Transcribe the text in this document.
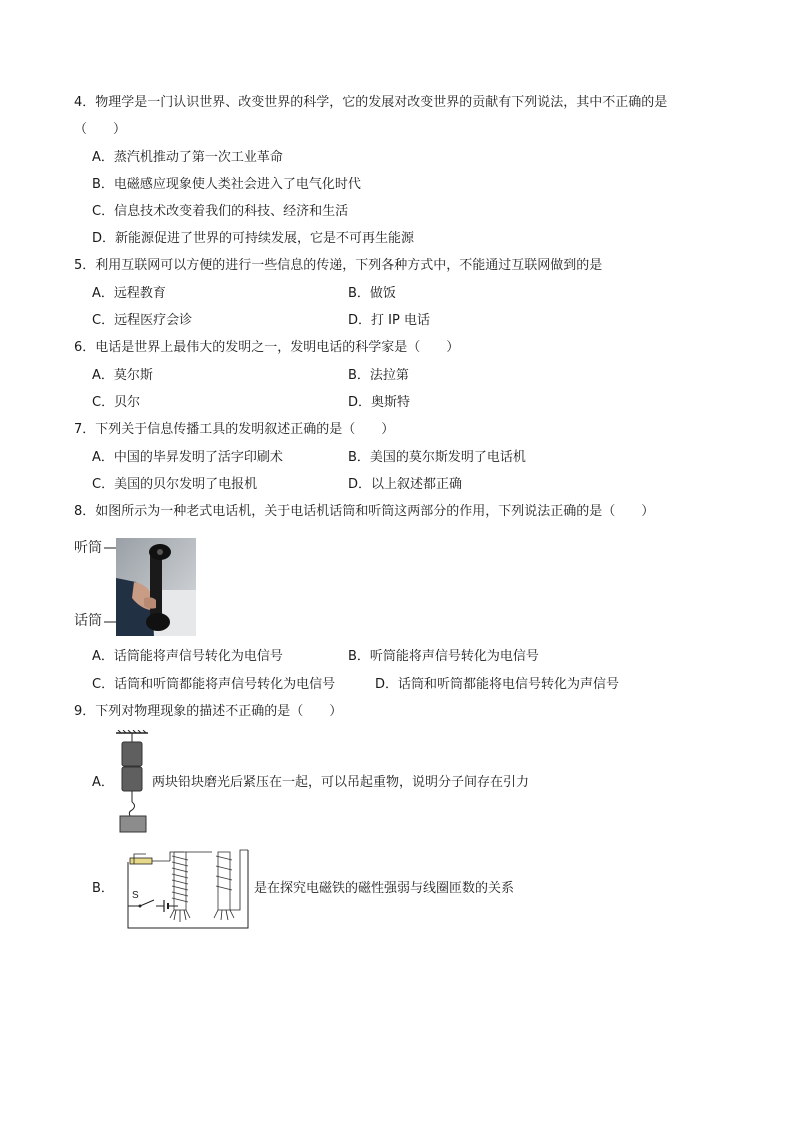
4．物理学是一门认识世界、改变世界的科学，它的发展对改变世界的贡献有下列说法，其中不正确的是
（　　）
A．蒸汽机推动了第一次工业革命
B．电磁感应现象使人类社会进入了电气化时代
C．信息技术改变着我们的科技、经济和生活
D．新能源促进了世界的可持续发展，它是不可再生能源
5．利用互联网可以方便的进行一些信息的传递，下列各种方式中，不能通过互联网做到的是
A．远程教育	B．做饭
C．远程医疗会诊	D．打 IP 电话
6．电话是世界上最伟大的发明之一，发明电话的科学家是（　　）
A．莫尔斯	B．法拉第
C．贝尔	D．奥斯特
7．下列关于信息传播工具的发明叙述正确的是（　　）
A．中国的毕昇发明了活字印刷术	B．美国的莫尔斯发明了电话机
C．美国的贝尔发明了电报机	D．以上叙述都正确
8．如图所示为一种老式电话机，关于电话机话筒和听筒这两部分的作用，下列说法正确的是（　　）
听筒
话筒
A．话筒能将声信号转化为电信号	B．听筒能将声信号转化为电信号
C．话筒和听筒都能将声信号转化为电信号	D．话筒和听筒都能将电信号转化为声信号
9．下列对物理现象的描述不正确的是（　　）
A．	两块铅块磨光后紧压在一起，可以吊起重物，说明分子间存在引力
S
B．	是在探究电磁铁的磁性强弱与线圈匝数的关系
